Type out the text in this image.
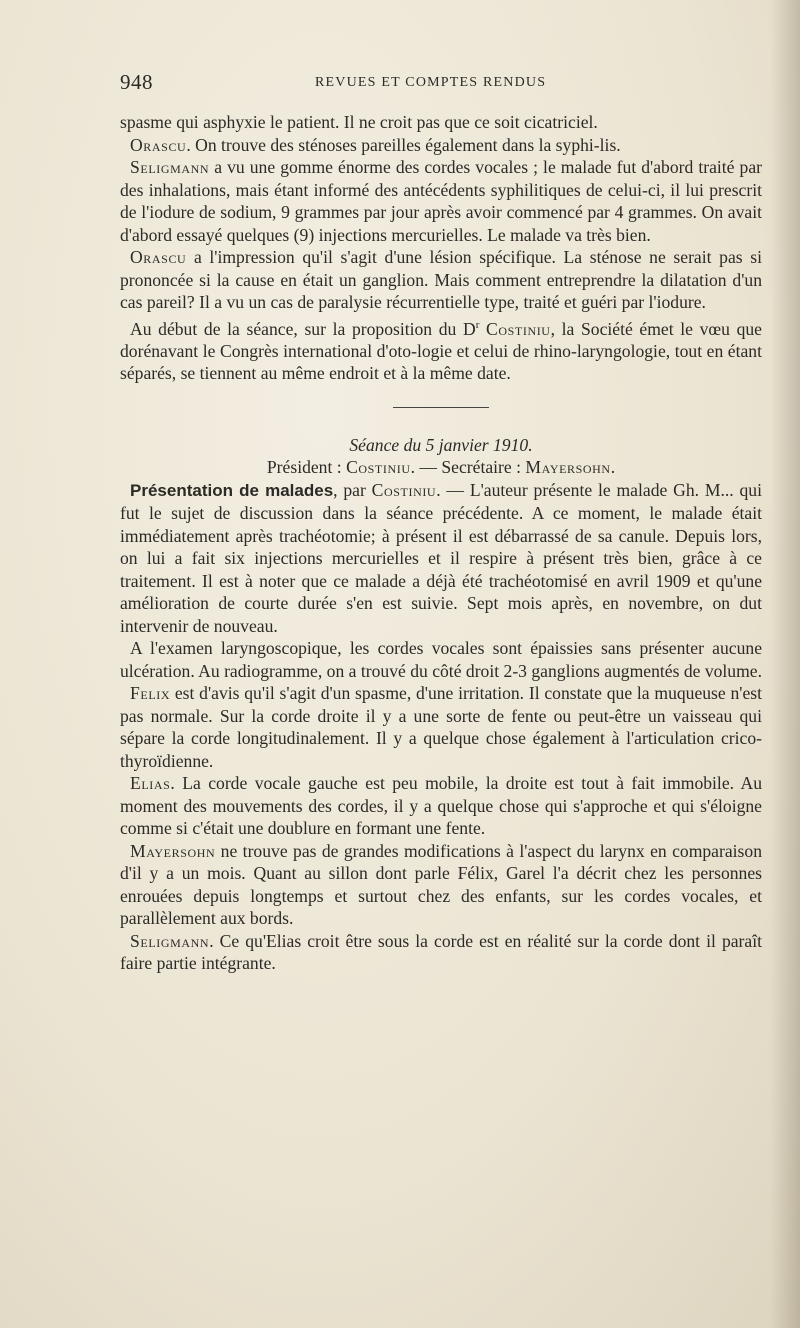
948	REVUES ET COMPTES RENDUS

spasme qui asphyxie le patient. Il ne croit pas que ce soit cicatriciel.

Orascu. On trouve des sténoses pareilles également dans la syphi-lis.

Seligmann a vu une gomme énorme des cordes vocales ; le malade fut d'abord traité par des inhalations, mais étant informé des antécédents syphilitiques de celui-ci, il lui prescrit de l'iodure de sodium, 9 grammes par jour après avoir commencé par 4 grammes. On avait d'abord essayé quelques (9) injections mercurielles. Le malade va très bien.

Orascu a l'impression qu'il s'agit d'une lésion spécifique. La sténose ne serait pas si prononcée si la cause en était un ganglion. Mais comment entreprendre la dilatation d'un cas pareil? Il a vu un cas de paralysie récurrentielle type, traité et guéri par l'iodure.

Au début de la séance, sur la proposition du $D^r$ Costiniu, la Société émet le vœu que dorénavant le Congrès international d'oto-logie et celui de rhino-laryngologie, tout en étant séparés, se tiennent au même endroit et à la même date.

Séance du 5 janvier 1910.

Président : Costiniu. — Secrétaire : Mayersohn.

Présentation de malades, par Costiniu. — L'auteur présente le malade Gh. M... qui fut le sujet de discussion dans la séance précédente. A ce moment, le malade était immédiatement après trachéotomie; à présent il est débarrassé de sa canule. Depuis lors, on lui a fait six injections mercurielles et il respire à présent très bien, grâce à ce traitement. Il est à noter que ce malade a déjà été trachéotomisé en avril 1909 et qu'une amélioration de courte durée s'en est suivie. Sept mois après, en novembre, on dut intervenir de nouveau.

A l'examen laryngoscopique, les cordes vocales sont épaissies sans présenter aucune ulcération. Au radiogramme, on a trouvé du côté droit 2-3 ganglions augmentés de volume.

Felix est d'avis qu'il s'agit d'un spasme, d'une irritation. Il constate que la muqueuse n'est pas normale. Sur la corde droite il y a une sorte de fente ou peut-être un vaisseau qui sépare la corde longitudinalement. Il y a quelque chose également à l'articulation crico-thyroïdienne.

Elias. La corde vocale gauche est peu mobile, la droite est tout à fait immobile. Au moment des mouvements des cordes, il y a quelque chose qui s'approche et qui s'éloigne comme si c'était une doublure en formant une fente.

Mayersohn ne trouve pas de grandes modifications à l'aspect du larynx en comparaison d'il y a un mois. Quant au sillon dont parle Félix, Garel l'a décrit chez les personnes enrouées depuis longtemps et surtout chez des enfants, sur les cordes vocales, et parallèlement aux bords.

Seligmann. Ce qu'Elias croit être sous la corde est en réalité sur la corde dont il paraît faire partie intégrante.
